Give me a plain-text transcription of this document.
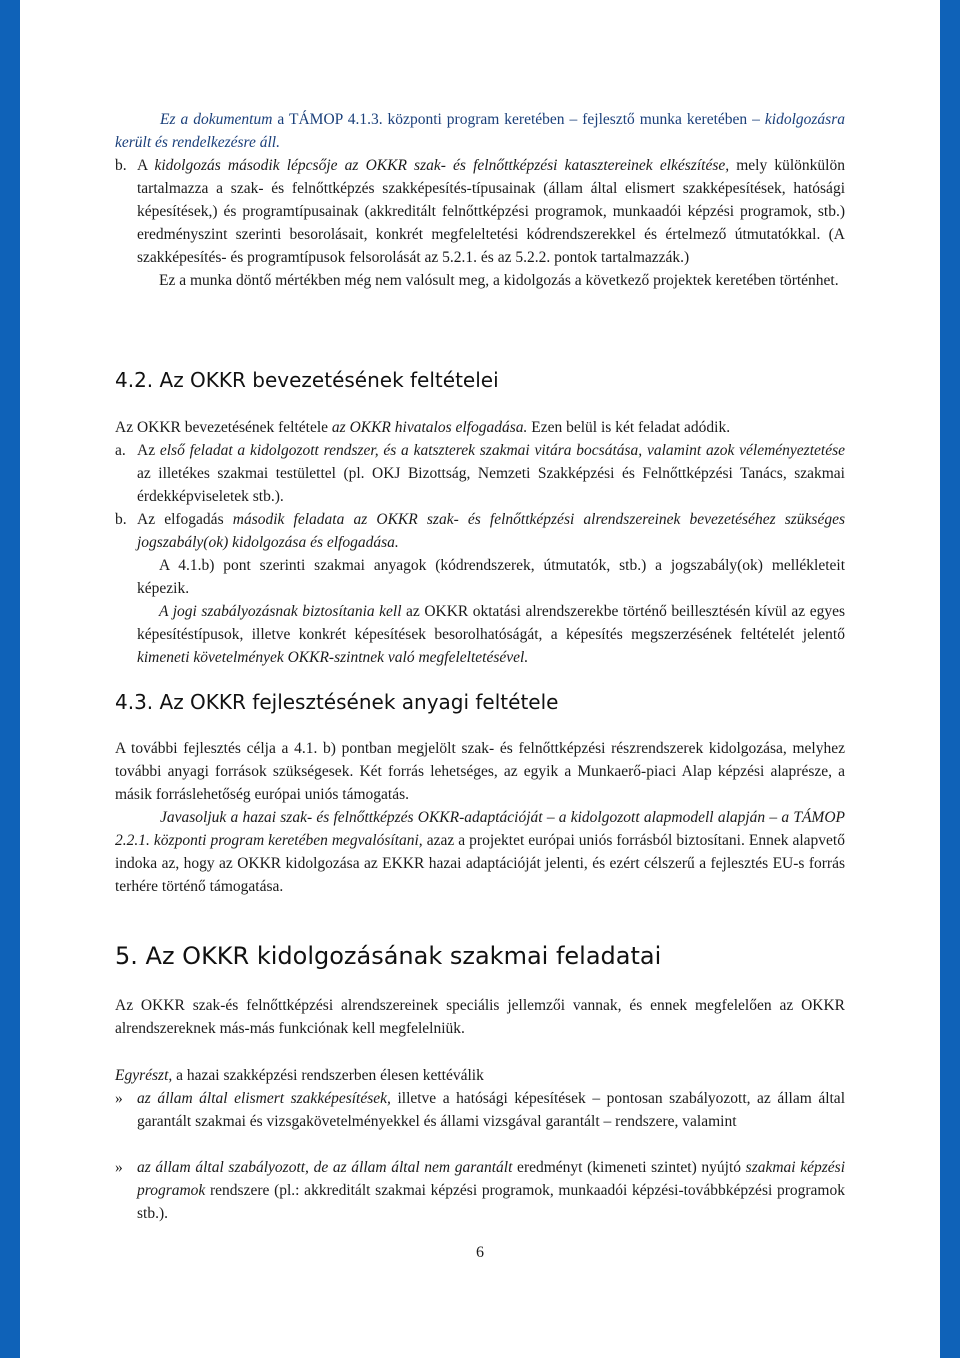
Ez a dokumentum a TÁMOP 4.1.3. központi program keretében – fejlesztő munka keretében – kidolgozásra került és rendelkezésre áll.

b. A kidolgozás második lépcsője az OKKR szak- és felnőttképzési katasztereinek elkészítése, mely különkülön tartalmazza a szak- és felnőttképzés szakképesítés-típusainak (állam által elismert szakképesítések, hatósági képesítések,) és programtípusainak (akkreditált felnőttképzési programok, munkaadói képzési programok, stb.) eredményszint szerinti besorolásait, konkrét megfeleltetési kódrendszerekkel és értelmező útmutatókkal. (A szakképesítés- és programtípusok felsorolását az 5.2.1. és az 5.2.2. pontok tartalmazzák.)
Ez a munka döntő mértékben még nem valósult meg, a kidolgozás a következő projektek keretében történhet.
4.2. Az OKKR bevezetésének feltételei

Az OKKR bevezetésének feltétele az OKKR hivatalos elfogadása. Ezen belül is két feladat adódik.

a. Az első feladat a kidolgozott rendszer, és a katszterek szakmai vitára bocsátása, valamint azok véleményeztetése az illetékes szakmai testülettel (pl. OKJ Bizottság, Nemzeti Szakképzési és Felnőttképzési Tanács, szakmai érdekképviseletek stb.).
b. Az elfogadás második feladata az OKKR szak- és felnőttképzési alrendszereinek bevezetéséhez szükséges jogszabály(ok) kidolgozása és elfogadása.
A 4.1.b) pont szerinti szakmai anyagok (kódrendszerek, útmutatók, stb.) a jogszabály(ok) mellékleteit képezik.
A jogi szabályozásnak biztosítania kell az OKKR oktatási alrendszerekbe történő beillesztésén kívül az egyes képesítéstípusok, illetve konkrét képesítések besorolhatóságát, a képesítés megszerzésének feltételét jelentő kimeneti követelmények OKKR-szintnek való megfeleltetésével.
4.3. Az OKKR fejlesztésének anyagi feltétele

A további fejlesztés célja a 4.1. b) pontban megjelölt szak- és felnőttképzési részrendszerek kidolgozása, melyhez további anyagi források szükségesek. Két forrás lehetséges, az egyik a Munkaerő-piaci Alap képzési alaprésze, a másik forráslehetőség európai uniós támogatás.

Javasoljuk a hazai szak- és felnőttképzés OKKR-adaptációját – a kidolgozott alapmodell alapján – a TÁMOP 2.2.1. központi program keretében megvalósítani, azaz a projektet európai uniós forrásból biztosítani. Ennek alapvető indoka az, hogy az OKKR kidolgozása az EKKR hazai adaptációját jelenti, és ezért célszerű a fejlesztés EU-s forrás terhére történő támogatása.

5. Az OKKR kidolgozásának szakmai feladatai

Az OKKR szak-és felnőttképzési alrendszereinek speciális jellemzői vannak, és ennek megfelelően az OKKR alrendszereknek más-más funkciónak kell megfelelniük.

Egyrészt, a hazai szakképzési rendszerben élesen kettéválik

» az állam által elismert szakképesítések, illetve a hatósági képesítések – pontosan szabályozott, az állam által garantált szakmai és vizsgakövetelményekkel és állami vizsgával garantált – rendszere, valamint
» az állam által szabályozott, de az állam által nem garantált eredményt (kimeneti szintet) nyújtó szakmai képzési programok rendszere (pl.: akkreditált szakmai képzési programok, munkaadói képzési-továbbképzési programok stb.).
6
